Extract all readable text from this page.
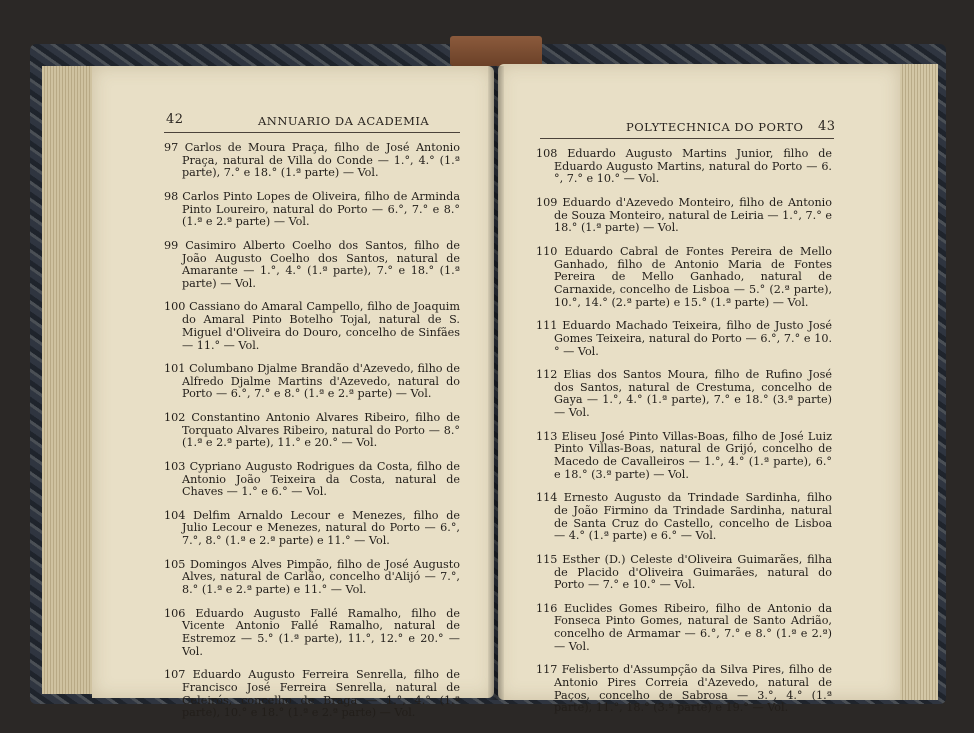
42	ANNUARIO DA ACADEMIA	POLYTECHNICA DO PORTO 43
97 Carlos de Moura Praça, filho de José Antonio Praça, natural de Villa do Conde — 1.°, 4.° (1.ª parte), 7.° e 18.° (1.ª parte) — Vol.
98 Carlos Pinto Lopes de Oliveira, filho de Arminda Pinto Loureiro, natural do Porto — 6.°, 7.° e 8.° (1.ª e 2.ª parte) — Vol.
99 Casimiro Alberto Coelho dos Santos, filho de João Augusto Coelho dos Santos, natural de Amarante — 1.°, 4.° (1.ª parte), 7.° e 18.° (1.ª parte) — Vol.
100 Cassiano do Amaral Campello, filho de Joaquim do Amaral Pinto Botelho Tojal, natural de S. Miguel d'Oliveira do Douro, concelho de Sinfães — 11.° — Vol.
101 Columbano Djalme Brandão d'Azevedo, filho de Alfredo Djalme Martins d'Azevedo, natural do Porto — 6.°, 7.° e 8.° (1.ª e 2.ª parte) — Vol.
102 Constantino Antonio Alvares Ribeiro, filho de Torquato Alvares Ribeiro, natural do Porto — 8.° (1.ª e 2.ª parte), 11.° e 20.° — Vol.
103 Cypriano Augusto Rodrigues da Costa, filho de Antonio João Teixeira da Costa, natural de Chaves — 1.° e 6.° — Vol.
104 Delfim Arnaldo Lecour e Menezes, filho de Julio Lecour e Menezes, natural do Porto — 6.°, 7.°, 8.° (1.ª e 2.ª parte) e 11.° — Vol.
105 Domingos Alves Pimpão, filho de José Augusto Alves, natural de Carlão, concelho d'Alijó — 7.°, 8.° (1.ª e 2.ª parte) e 11.° — Vol.
106 Eduardo Augusto Fallé Ramalho, filho de Vicente Antonio Fallé Ramalho, natural de Estremoz — 5.° (1.ª parte), 11.°, 12.° e 20.° — Vol.
107 Eduardo Augusto Ferreira Senrella, filho de Francisco José Ferreira Senrella, natural de Celeirós, concelho de Braga — 1.°, 4.° (1.ª parte), 10.° e 18.° (1.ª e 2.ª parte) — Vol.
108 Eduardo Augusto Martins Junior, filho de Eduardo Augusto Martins, natural do Porto — 6.°, 7.° e 10.° — Vol.
109 Eduardo d'Azevedo Monteiro, filho de Antonio de Souza Monteiro, natural de Leiria — 1.°, 7.° e 18.° (1.ª parte) — Vol.
110 Eduardo Cabral de Fontes Pereira de Mello Ganhado, filho de Antonio Maria de Fontes Pereira de Mello Ganhado, natural de Carnaxide, concelho de Lisboa — 5.° (2.ª parte), 10.°, 14.° (2.ª parte) e 15.° (1.ª parte) — Vol.
111 Eduardo Machado Teixeira, filho de Justo José Gomes Teixeira, natural do Porto — 6.°, 7.° e 10.° — Vol.
112 Elias dos Santos Moura, filho de Rufino José dos Santos, natural de Crestuma, concelho de Gaya — 1.°, 4.° (1.ª parte), 7.° e 18.° (3.ª parte) — Vol.
113 Eliseu José Pinto Villas-Boas, filho de José Luiz Pinto Villas-Boas, natural de Grijó, concelho de Macedo de Cavalleiros — 1.°, 4.° (1.ª parte), 6.° e 18.° (3.ª parte) — Vol.
114 Ernesto Augusto da Trindade Sardinha, filho de João Firmino da Trindade Sardinha, natural de Santa Cruz do Castello, concelho de Lisboa — 4.° (1.ª parte) e 6.° — Vol.
115 Esther (D.) Celeste d'Oliveira Guimarães, filha de Placido d'Oliveira Guimarães, natural do Porto — 7.° e 10.° — Vol.
116 Euclides Gomes Ribeiro, filho de Antonio da Fonseca Pinto Gomes, natural de Santo Adrião, concelho de Armamar — 6.°, 7.° e 8.° (1.ª e 2.ª) — Vol.
117 Felisberto d'Assumpção da Silva Pires, filho de Antonio Pires Correia d'Azevedo, natural de Paços, concelho de Sabrosa — 3.°, 4.° (1.ª parte), 11.°, 18.° (3.ª parte) e 19.° — Vol.
